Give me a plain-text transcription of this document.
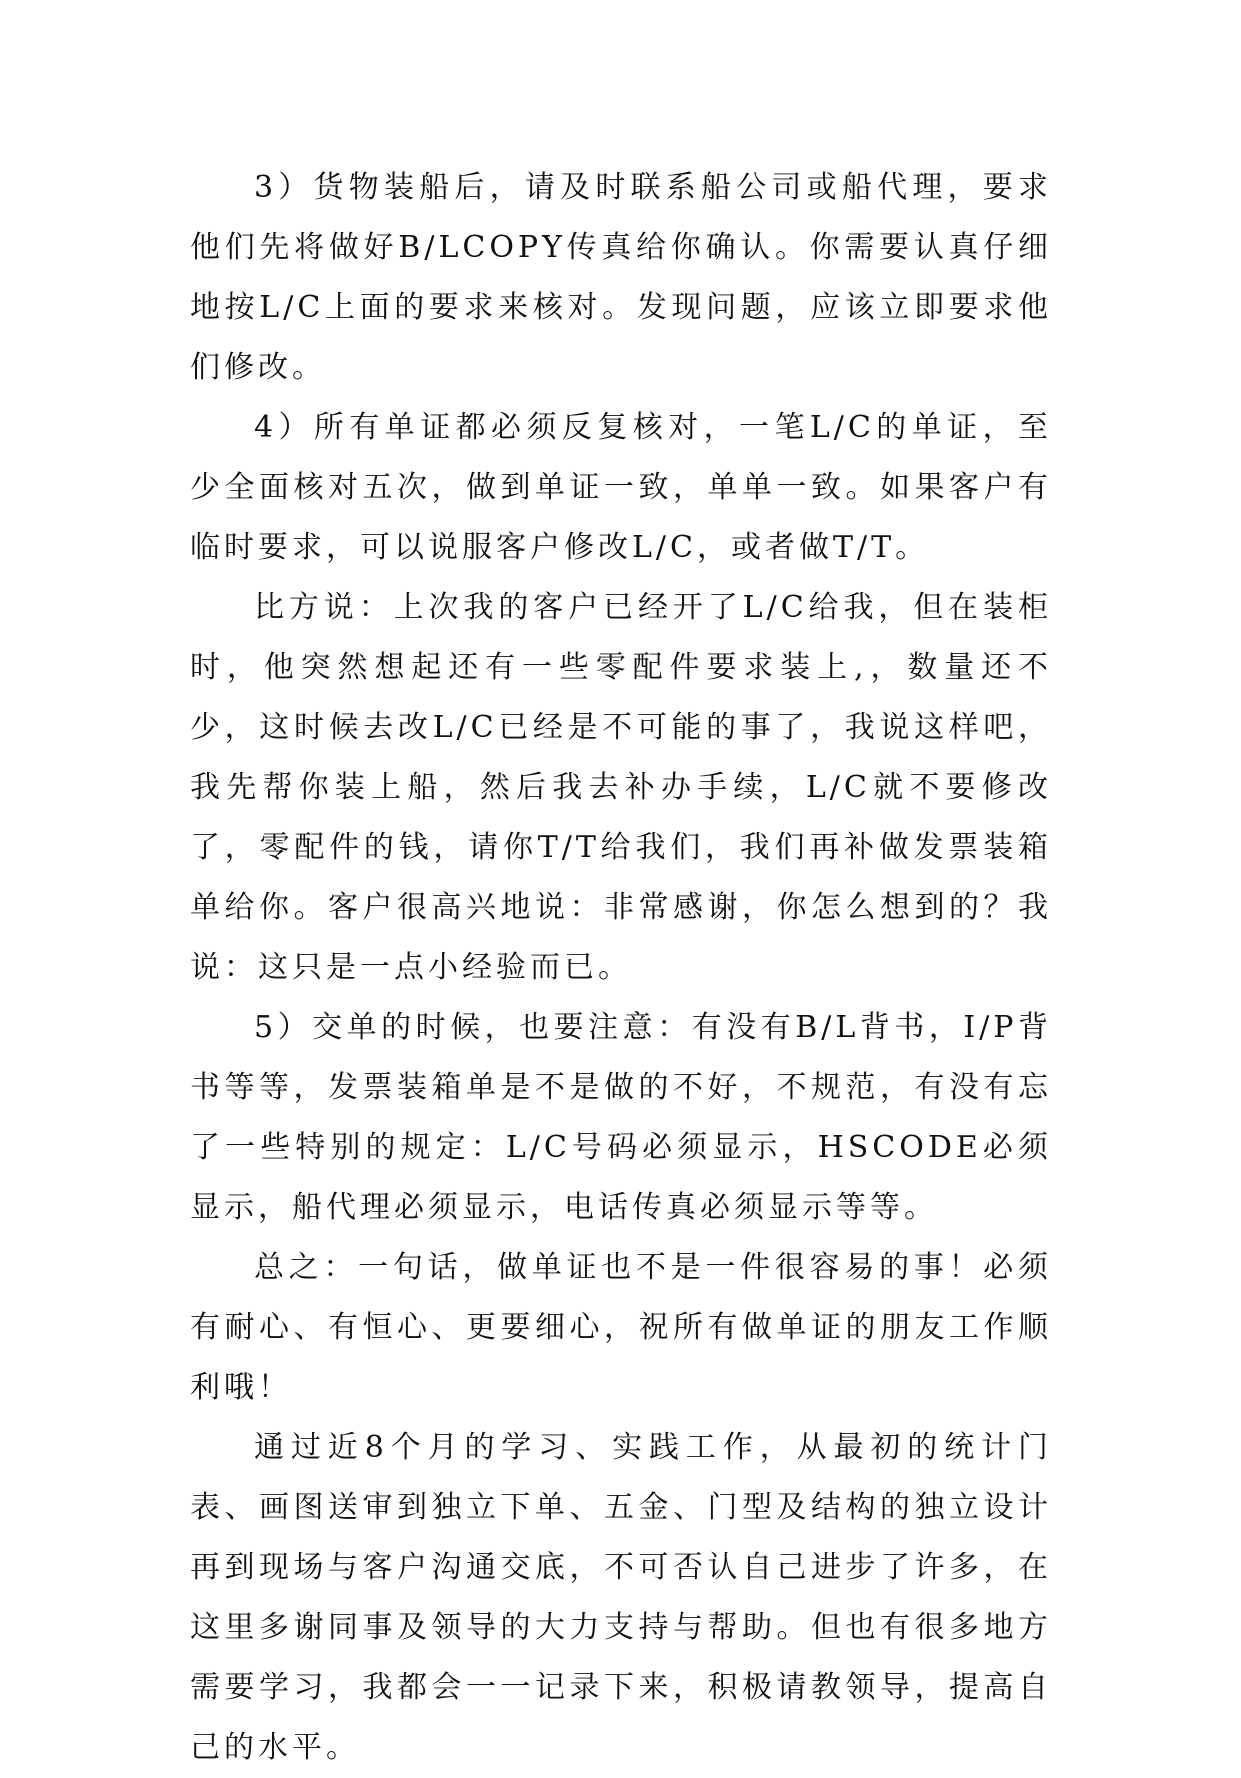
3）货物装船后，请及时联系船公司或船代理，要求他们先将做好B/LCOPY传真给你确认。你需要认真仔细地按L/C上面的要求来核对。发现问题，应该立即要求他们修改。

4）所有单证都必须反复核对，一笔L/C的单证，至少全面核对五次，做到单证一致，单单一致。如果客户有临时要求，可以说服客户修改L/C，或者做T/T。

比方说：上次我的客户已经开了L/C给我，但在装柜时，他突然想起还有一些零配件要求装上,，数量还不少，这时候去改L/C已经是不可能的事了，我说这样吧，我先帮你装上船，然后我去补办手续，L/C就不要修改了，零配件的钱，请你T/T给我们，我们再补做发票装箱单给你。客户很高兴地说：非常感谢，你怎么想到的？我说：这只是一点小经验而已。

5）交单的时候，也要注意：有没有B/L背书，I/P背书等等，发票装箱单是不是做的不好，不规范，有没有忘了一些特别的规定：L/C号码必须显示，HSCODE必须显示，船代理必须显示，电话传真必须显示等等。

总之：一句话，做单证也不是一件很容易的事！必须有耐心、有恒心、更要细心，祝所有做单证的朋友工作顺利哦！

通过近8个月的学习、实践工作，从最初的统计门表、画图送审到独立下单、五金、门型及结构的独立设计再到现场与客户沟通交底，不可否认自己进步了许多，在这里多谢同事及领导的大力支持与帮助。但也有很多地方需要学习，我都会一一记录下来，积极请教领导，提高自己的水平。
